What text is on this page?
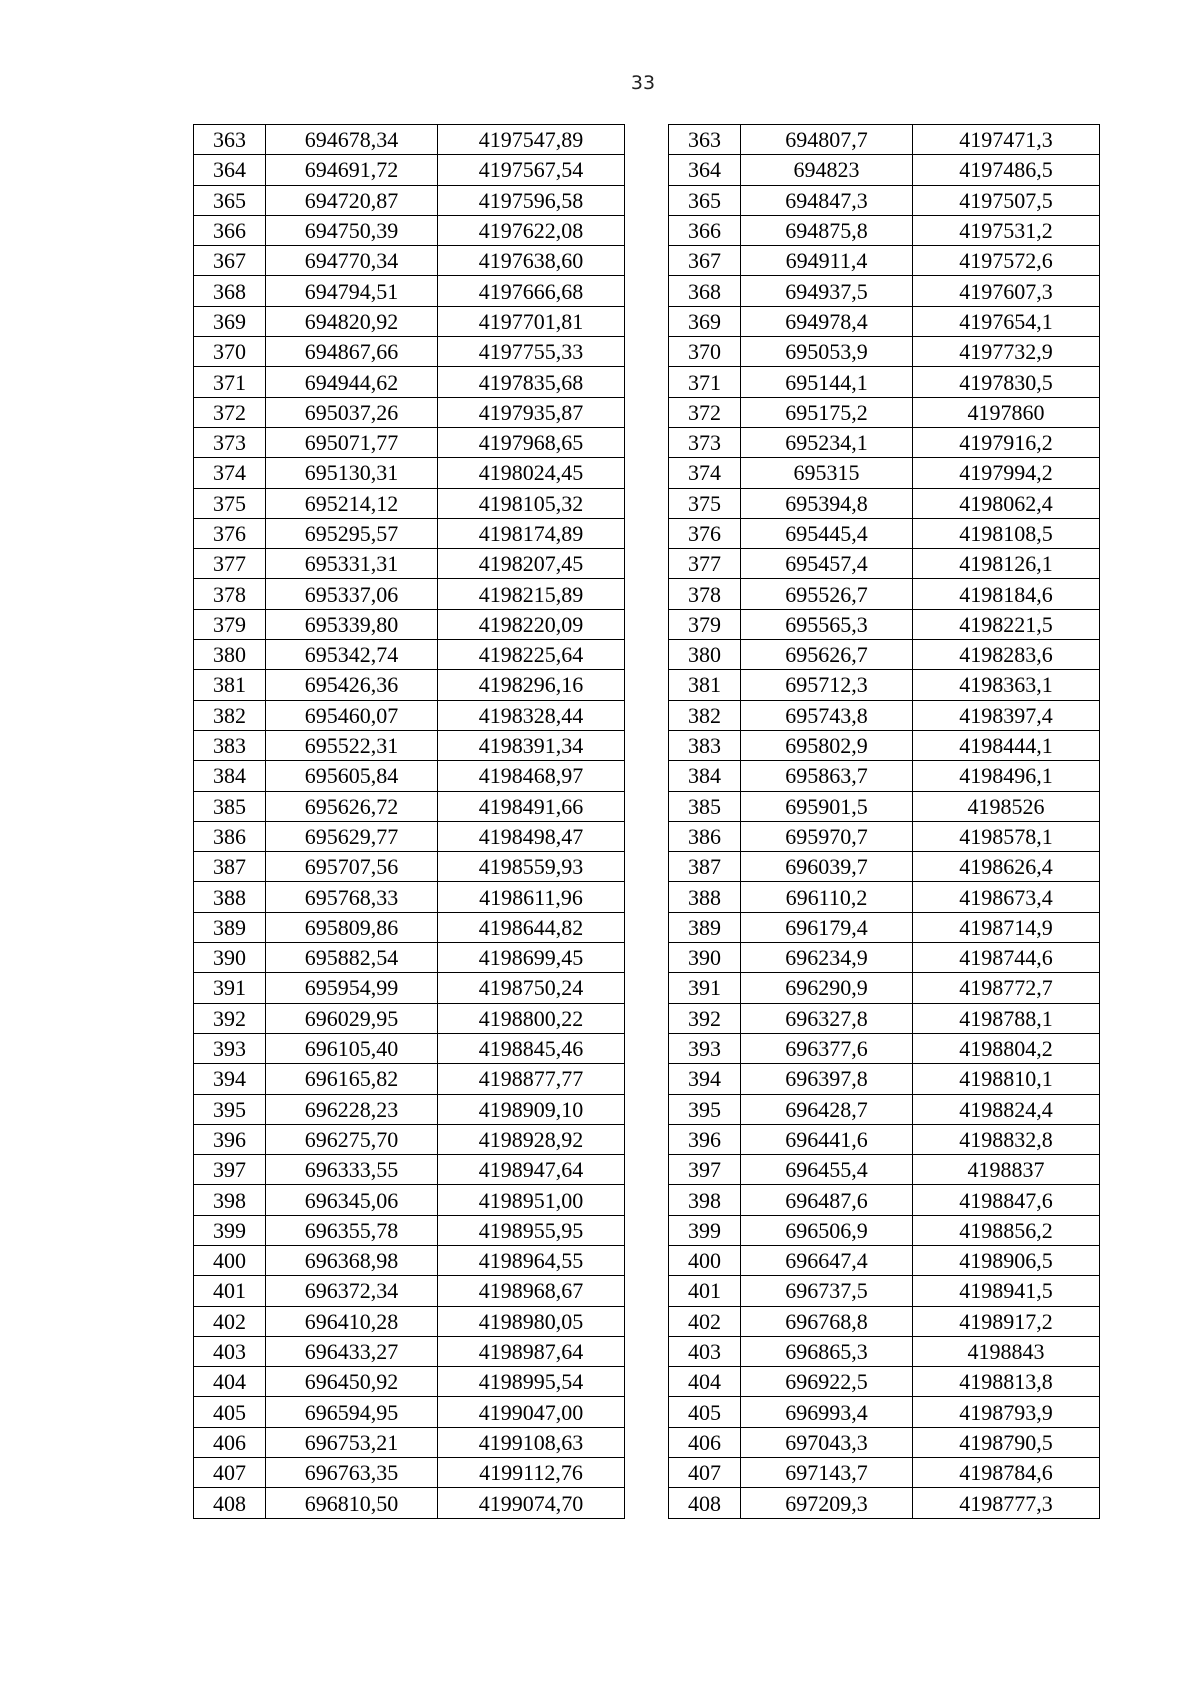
33
363	694678,34	4197547,89
364	694691,72	4197567,54
365	694720,87	4197596,58
366	694750,39	4197622,08
367	694770,34	4197638,60
368	694794,51	4197666,68
369	694820,92	4197701,81
370	694867,66	4197755,33
371	694944,62	4197835,68
372	695037,26	4197935,87
373	695071,77	4197968,65
374	695130,31	4198024,45
375	695214,12	4198105,32
376	695295,57	4198174,89
377	695331,31	4198207,45
378	695337,06	4198215,89
379	695339,80	4198220,09
380	695342,74	4198225,64
381	695426,36	4198296,16
382	695460,07	4198328,44
383	695522,31	4198391,34
384	695605,84	4198468,97
385	695626,72	4198491,66
386	695629,77	4198498,47
387	695707,56	4198559,93
388	695768,33	4198611,96
389	695809,86	4198644,82
390	695882,54	4198699,45
391	695954,99	4198750,24
392	696029,95	4198800,22
393	696105,40	4198845,46
394	696165,82	4198877,77
395	696228,23	4198909,10
396	696275,70	4198928,92
397	696333,55	4198947,64
398	696345,06	4198951,00
399	696355,78	4198955,95
400	696368,98	4198964,55
401	696372,34	4198968,67
402	696410,28	4198980,05
403	696433,27	4198987,64
404	696450,92	4198995,54
405	696594,95	4199047,00
406	696753,21	4199108,63
407	696763,35	4199112,76
408	696810,50	4199074,70
363	694807,7	4197471,3
364	694823	4197486,5
365	694847,3	4197507,5
366	694875,8	4197531,2
367	694911,4	4197572,6
368	694937,5	4197607,3
369	694978,4	4197654,1
370	695053,9	4197732,9
371	695144,1	4197830,5
372	695175,2	4197860
373	695234,1	4197916,2
374	695315	4197994,2
375	695394,8	4198062,4
376	695445,4	4198108,5
377	695457,4	4198126,1
378	695526,7	4198184,6
379	695565,3	4198221,5
380	695626,7	4198283,6
381	695712,3	4198363,1
382	695743,8	4198397,4
383	695802,9	4198444,1
384	695863,7	4198496,1
385	695901,5	4198526
386	695970,7	4198578,1
387	696039,7	4198626,4
388	696110,2	4198673,4
389	696179,4	4198714,9
390	696234,9	4198744,6
391	696290,9	4198772,7
392	696327,8	4198788,1
393	696377,6	4198804,2
394	696397,8	4198810,1
395	696428,7	4198824,4
396	696441,6	4198832,8
397	696455,4	4198837
398	696487,6	4198847,6
399	696506,9	4198856,2
400	696647,4	4198906,5
401	696737,5	4198941,5
402	696768,8	4198917,2
403	696865,3	4198843
404	696922,5	4198813,8
405	696993,4	4198793,9
406	697043,3	4198790,5
407	697143,7	4198784,6
408	697209,3	4198777,3
